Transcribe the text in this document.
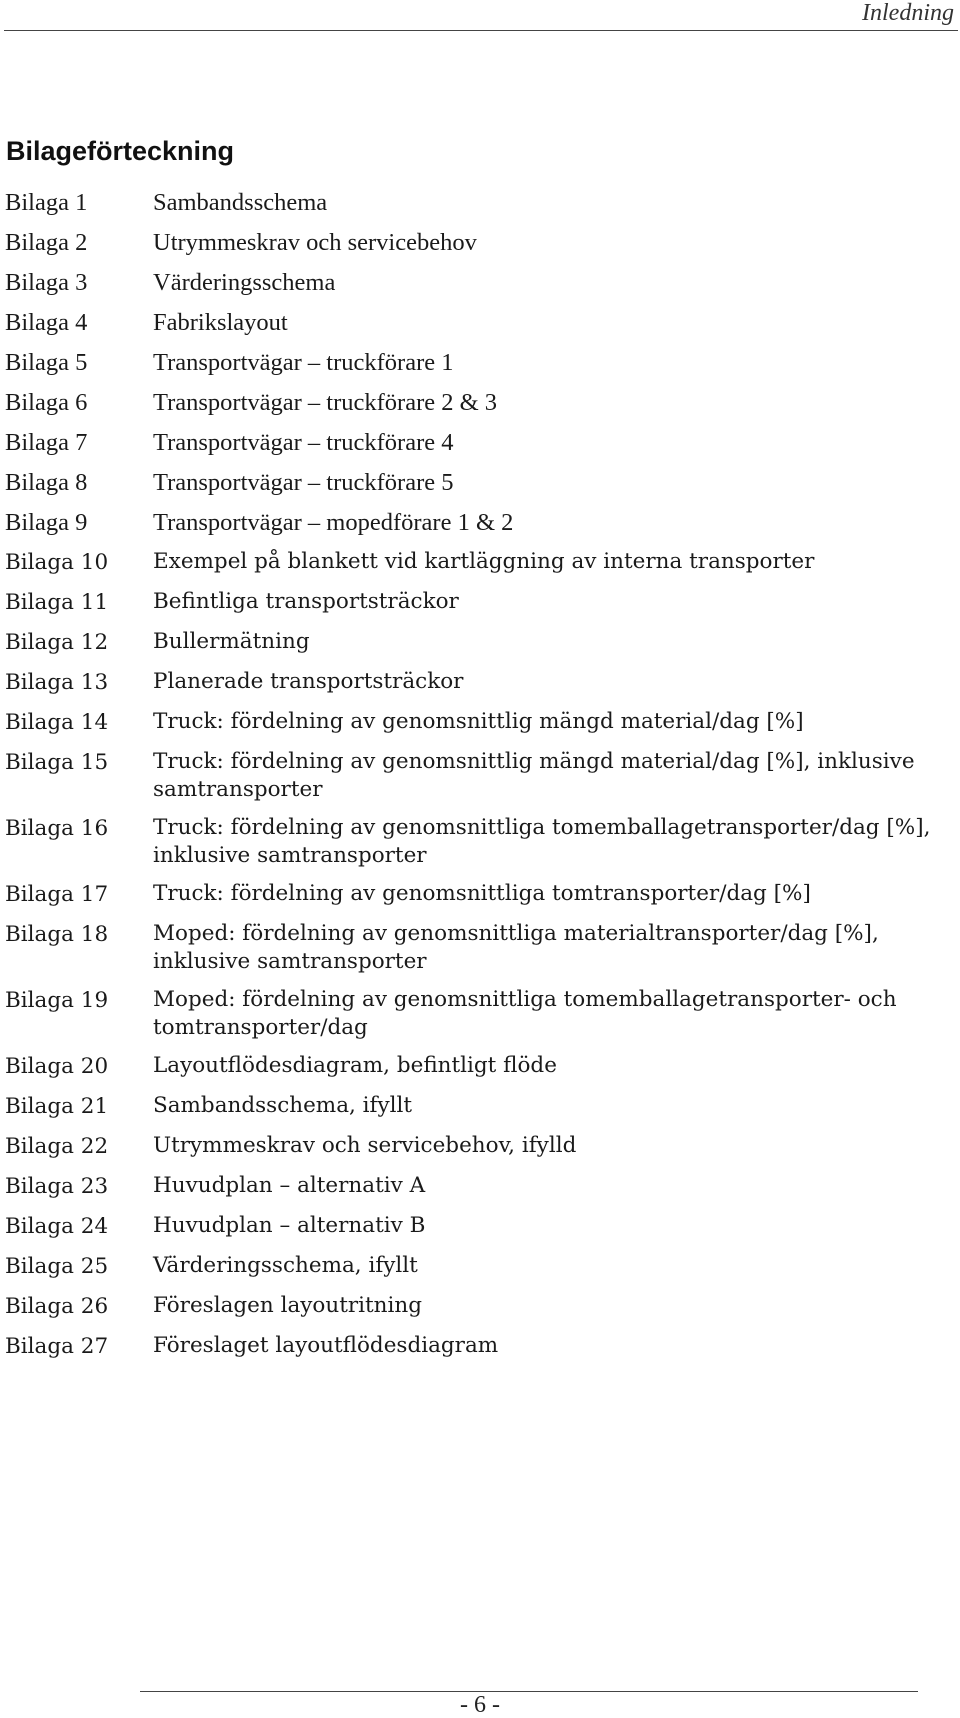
Inledning
Bilageförteckning
Bilaga 1	Sambandsschema
Bilaga 2	Utrymmeskrav och servicebehov
Bilaga 3	Värderingsschema
Bilaga 4	Fabrikslayout
Bilaga 5	Transportvägar – truckförare 1
Bilaga 6	Transportvägar – truckförare 2 & 3
Bilaga 7	Transportvägar – truckförare 4
Bilaga 8	Transportvägar – truckförare 5
Bilaga 9	Transportvägar – mopedförare 1 & 2
Bilaga 10	Exempel på blankett vid kartläggning av interna transporter
Bilaga 11	Befintliga transportsträckor
Bilaga 12	Bullermätning
Bilaga 13	Planerade transportsträckor
Bilaga 14	Truck: fördelning av genomsnittlig mängd material/dag [%]
Bilaga 15	Truck: fördelning av genomsnittlig mängd material/dag [%], inklusive samtransporter
Bilaga 16	Truck: fördelning av genomsnittliga tomemballagetransporter/dag [%], inklusive samtransporter
Bilaga 17	Truck: fördelning av genomsnittliga tomtransporter/dag [%]
Bilaga 18	Moped: fördelning av genomsnittliga materialtransporter/dag [%], inklusive samtransporter
Bilaga 19	Moped: fördelning av genomsnittliga tomemballagetransporter- och tomtransporter/dag
Bilaga 20	Layoutflödesdiagram, befintligt flöde
Bilaga 21	Sambandsschema, ifyllt
Bilaga 22	Utrymmeskrav och servicebehov, ifylld
Bilaga 23	Huvudplan – alternativ A
Bilaga 24	Huvudplan – alternativ B
Bilaga 25	Värderingsschema, ifyllt
Bilaga 26	Föreslagen layoutritning
Bilaga 27	Föreslaget layoutflödesdiagram
- 6 -
